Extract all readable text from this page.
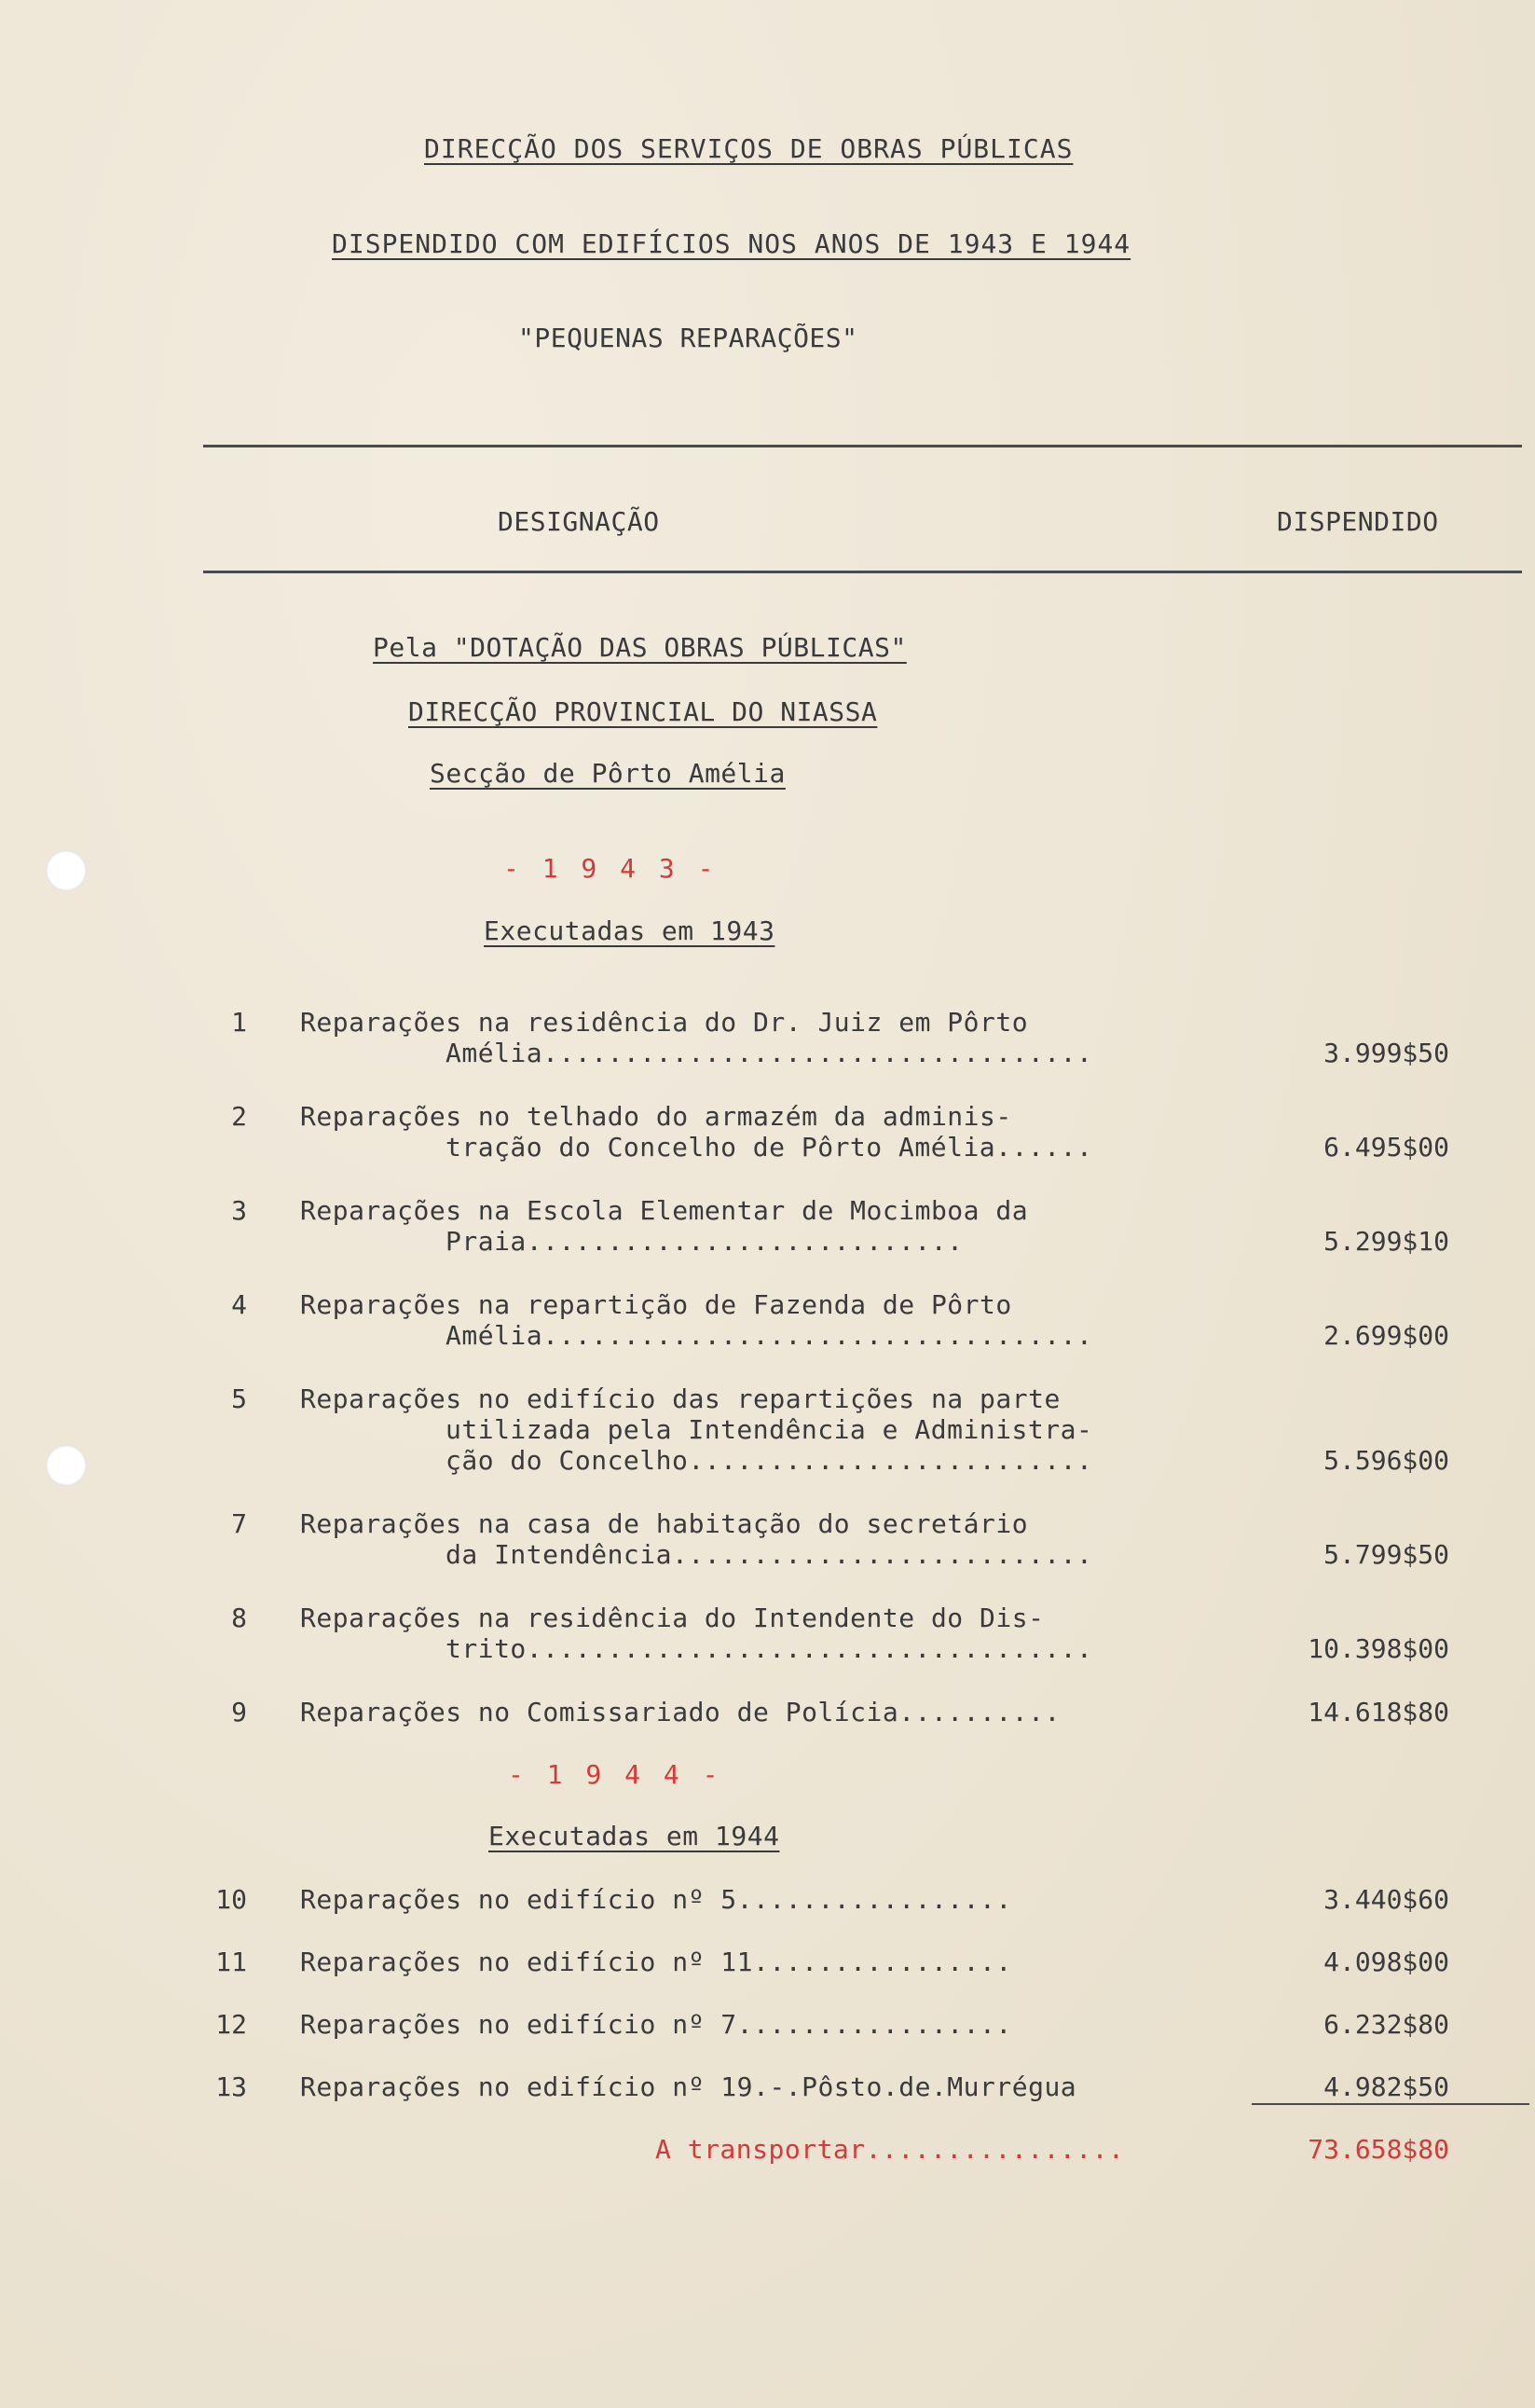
DIRECÇÃO DOS SERVIÇOS DE OBRAS PÚBLICAS
DISPENDIDO COM EDIFÍCIOS NOS ANOS DE 1943 E 1944
"PEQUENAS REPARAÇÕES"
DESIGNAÇÃO	DISPENDIDO
Pela "DOTAÇÃO DAS OBRAS PÚBLICAS"
DIRECÇÃO PROVINCIAL DO NIASSA
Secção de Pôrto Amélia
- 1 9 4 3 -
Executadas em 1943
1 Reparações na residência do Dr. Juiz em Pôrto
Amélia..................................	3.999$50
2 Reparações no telhado do armazém da adminis-
tração do Concelho de Pôrto Amélia......	6.495$00
3 Reparações na Escola Elementar de Mocimboa da
Praia...........................	5.299$10
4 Reparações na repartição de Fazenda de Pôrto
Amélia..................................	2.699$00
5 Reparações no edifício das repartições na parte
utilizada pela Intendência e Administra-
ção do Concelho.........................	5.596$00
7 Reparações na casa de habitação do secretário
da Intendência..........................	5.799$50
8 Reparações na residência do Intendente do Dis-
trito...................................	10.398$00
9 Reparações no Comissariado de Polícia..........	14.618$80
- 1 9 4 4 -
Executadas em 1944
10 Reparações no edifício nº 5.................	3.440$60
11 Reparações no edifício nº 11................	4.098$00
12 Reparações no edifício nº 7.................	6.232$80
13 Reparações no edifício nº 19.-.Pôsto.de.Murrégua	4.982$50
A transportar................	73.658$80
